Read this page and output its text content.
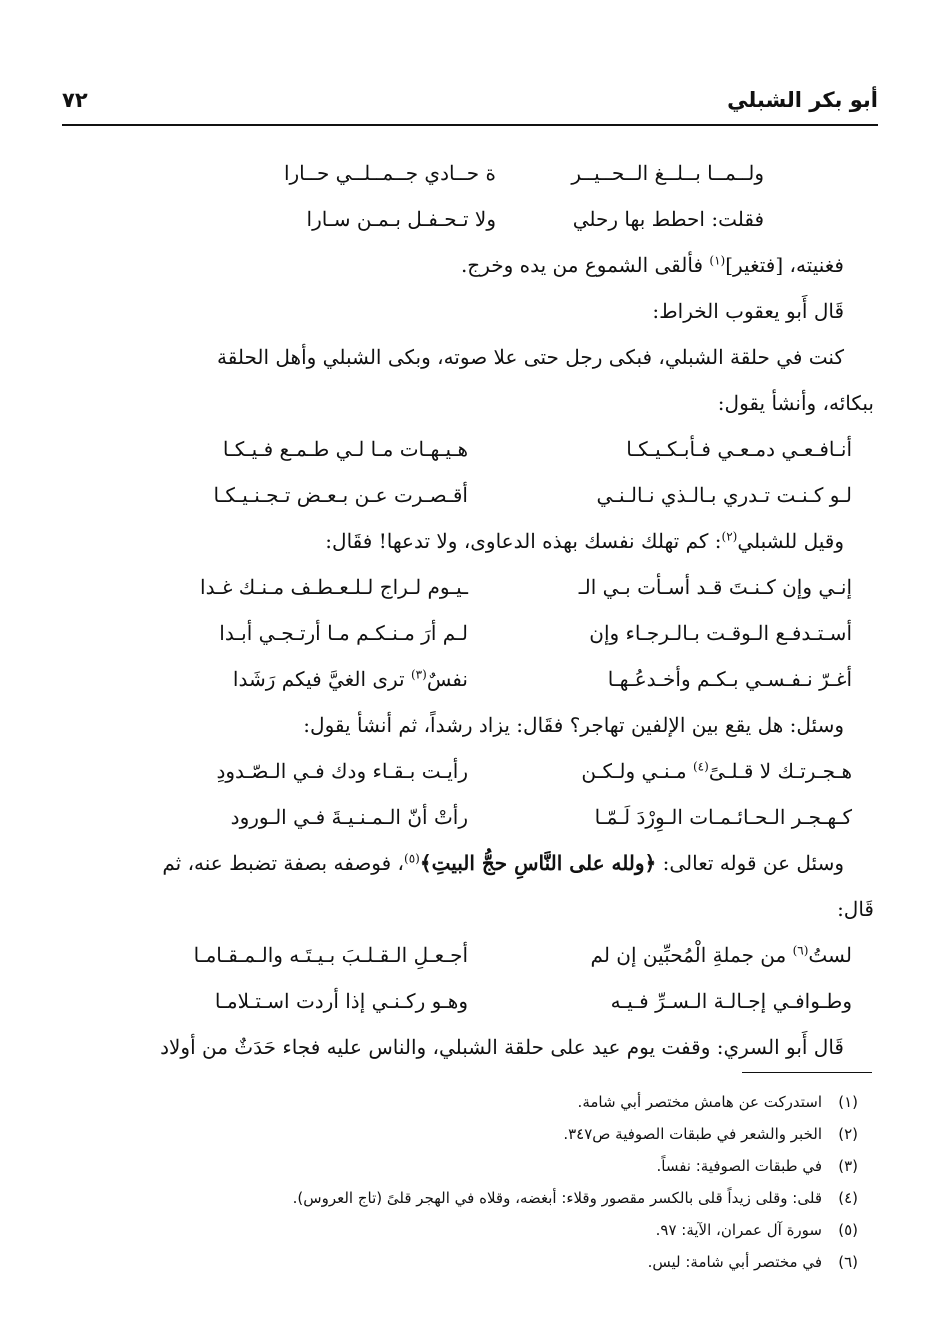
أبو بكر الشبلي
٧٢
ولــمــا بــلــغ الــحــيــر
ة حــادي جــمــلــي حــارا
فقلت: احطط بها رحلي
ولا تـحـفـل بـمـن سـارا
فغنيته، [فتغير]$^{(١)}$ فألقى الشموع من يده وخرج.
قَال أَبو يعقوب الخراط:
كنت في حلقة الشبلي، فبكى رجل حتى علا صوته، وبكى الشبلي وأهل الحلقة
ببكائه، وأنشأ يقول:
أنـافـعـي دمـعـي فـأبـكـيـكـا
هـيـهـات مـا لـي طـمـع فـيـكـا
لـو كـنـت تـدري بـالـذي نـالـنـي
أقـصـرت عـن بـعـض تـجـنـيـكـا
وقيل للشبلي$^{(٢)}$: كم تهلك نفسك بهذه الدعاوى، ولا تدعها! فقَال:
إنـي وإن كـنـتَ قـد أسـأت بـي الـ
ـيـوم لـراج لـلـعـطـف مـنـك غـدا
أسـتـدفـع الـوقـت بـالـرجـاء وإن
لـم أرَ مـنـكـم مـا أرتـجـي أبـدا
أغـرّ نـفـسـي بـكـم وأخـدعُـهـا
نفسٌ$^{(٣)}$ ترى الغيَّ فيكم رَشَدا
وسئل: هل يقع بين الإلفين تهاجر؟ فقَال: يزاد رشداً، ثم أنشأ يقول:
هـجـرتـك لا قـلـىً$^{(٤)}$ مـنـي ولـكـن
رأيـت بـقـاء ودك فـي الـصّـدودِ
كـهـجـر الـحـائـمـات الـوِرْدَ لَـمّـا
رأتْ أنّ الـمـنـيـةَ فـي الـورود
وسئل عن قوله تعالى: ﴿ولله على النَّاسِ حجُّ البيتِ﴾$^{(٥)}$، فوصفه بصفة تضبط عنه، ثم
قَال:
لستُ$^{(٦)}$ من جملةِ الْمُحبِّين إن لم
أجـعـلِ الـقـلـبَ بـيـتَـه والـمـقـامـا
وطـوافـي إجـالـة الـسـرِّ فـيـه
وهـو ركـنـي إذا أردت اسـتـلامـا
قَال أَبو السري: وقفت يوم عيد على حلقة الشبلي، والناس عليه فجاء حَدَثٌ من أولاد
(١)استدركت عن هامش مختصر أبي شامة.
(٢)الخبر والشعر في طبقات الصوفية ص٣٤٧.
(٣)في طبقات الصوفية: نفساً.
(٤)قلى: وقلى زيداً قلى بالكسر مقصور وقلاء: أبغضه، وقلاه في الهجر قلىً (تاج العروس).
(٥)سورة آل عمران، الآية: ٩٧.
(٦)في مختصر أبي شامة: ليس.
